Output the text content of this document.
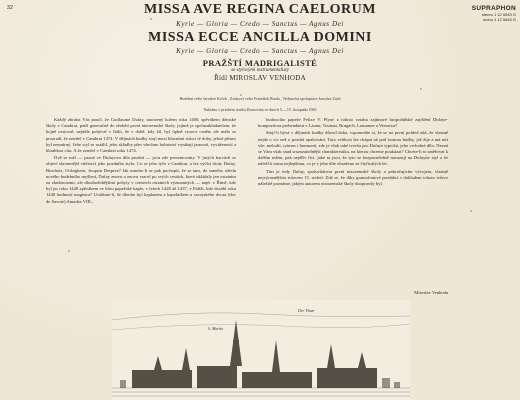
32	SUPRAPHON
stereo 1 12 0643 G
mono 1 12 0643 G
MISSA AVE REGINA CAELORUM
Kyrie — Gloria — Credo — Sanctus — Agnus Dei
MISSA ECCE ANCILLA DOMINI
Kyrie — Gloria — Credo — Sanctus — Agnus Dei
PRAŽŠTÍ MADRIGALISTÉ
se stylovými instrumentalisty
Řídí MIROSLAV VENHODA
Hudební režie Jaroslav Krček , Zvukový režie František Burda , Technická spolupráce Jaroslav Zach
Nahráno v praském studiu Domovina ve dnech 5.—15. listopadu 1965

Každý zhruba Vás poučí, že Guillaume Dufay, narozený kolem roku 1400, spěvákem dómské školy v Cambrai, patří generačně do období první nizozemské školy, jejímž je spoluzakladatelem, že hojně cestoval, nejdéle pobýval v Itálii, že v době, kdy žil, byl úplně vysoce ceněn; ale málo se prozradí, že zemřel v Cambrai 1474. V dějinách hudby stojí mezi hlavními tvůrci té doby, jehož přínos byl nesmírný. Jeho styl se ustálil, jeho skladby přes všechno bohatství vynikají jasností, vyvážeností a hloubkou citu. A že zemřel v Cambrai roku 1474.

Dvě se mší — psaná ve Dufayova díla pozdní — jsou zde presentovány. V jiných barvách se objeví skromnější vítězství jeho pozdního stylu. Co se jeho týče v Cambrai, a lze vyčíst tituly Dufay, Binchois, Ockeghem, Josquin Desprez? Jak mnoho-li se pak pochopit, že se tam, do samého středu nového hudebního myšlení, Dufay znovu a znovu vracel po svých cestách, které ukládaly jen ostatním za zkušenostmi, ale dlouhodobějšími pobyty v centrech ostatních významných — např. v Římě, kde byl po roku 1428 zpěvákem ve kůru papežské kaple, v letech 1428 až 1437, v Paříži, kde dosáhl roku 1440 hodností magistra? Uvážíme-li, že dlouho byl kaplanem a kapelníkem u savojského dvora (doc de Savoie) Amadea VIII.,

budoucího papeže Felixe V. Plyne z tohoto vztahu zajímavé hospodářské zajištění Dufaye-kompozitora prebendami v Laonu, Tournai, Brugách, Lausanne a Versoixu?

Stojí-li bývá v dějinách hudby důvod doba, vzpomeňte si, že se na první pohled zdá, že vlastně nejde o víc než o pozdní opakování. Tuto velikost lze chápat už pod formou hudby, jež žije a má mít vše: melodii, rytmus i harmonii, zde je však také tvorba pro Dufaye typická, jeho vrcholné dílo. Nezná se Vám však snad srozumitelnější charakteristika, na kterou chceme poukázat? Chcete-li to směřovat k dalším mším, pak nejdřív říci, jaké tu jsou, že tyto se bezprostředně navazují na Dufayův styl a že náleží k tomu nejlepšímu, co je v jeho díle obsaženo ze čtyřicátých let.

Tím je tedy Dufay, spoluvůdcem první nizozemské školy a pokračujícím vývojem, vlastně nejvýraznějším tvůrcem 15. století. Zdá se, že díky gramofonové produkci s dokladem tohoto tvůrce náležitě poznáme, jakým autorem nizozemské školy doopravdy byl.

Miroslav Venhoda
S. Martin
Der Thum
